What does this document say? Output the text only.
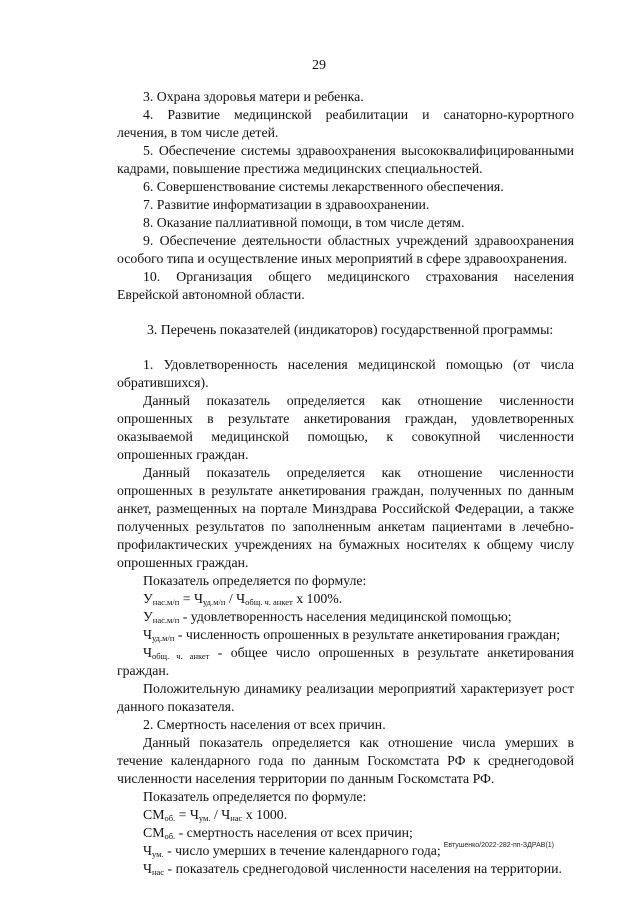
29

3. Охрана здоровья матери и ребенка.

4. Развитие медицинской реабилитации и санаторно-курортного лечения, в том числе детей.

5. Обеспечение системы здравоохранения высококвалифицированными кадрами, повышение престижа медицинских специальностей.

6. Совершенствование системы лекарственного обеспечения.

7. Развитие информатизации в здравоохранении.

8. Оказание паллиативной помощи, в том числе детям.

9. Обеспечение деятельности областных учреждений здравоохранения особого типа и осуществление иных мероприятий в сфере здравоохранения.

10. Организация общего медицинского страхования населения Еврейской автономной области.

3. Перечень показателей (индикаторов) государственной программы:

1. Удовлетворенность населения медицинской помощью (от числа обратившихся).

Данный показатель определяется как отношение численности опрошенных в результате анкетирования граждан, удовлетворенных оказываемой медицинской помощью, к совокупной численности опрошенных граждан.

Данный показатель определяется как отношение численности опрошенных в результате анкетирования граждан, полученных по данным анкет, размещенных на портале Минздрава Российской Федерации, а также полученных результатов по заполненным анкетам пациентами в лечебно-профилактических учреждениях на бумажных носителях к общему числу опрошенных граждан.

Показатель определяется по формуле:

$У_{нас.м/п} = Ч_{уд.м/п} / Ч_{общ. ч. анкет}$ х 100%.

$У_{нас.м/п}$ - удовлетворенность населения медицинской помощью;

$Ч_{уд.м/п}$ - численность опрошенных в результате анкетирования граждан;

$Ч_{общ. ч. анкет}$ - общее число опрошенных в результате анкетирования граждан.

Положительную динамику реализации мероприятий характеризует рост данного показателя.

2. Смертность населения от всех причин.

Данный показатель определяется как отношение числа умерших в течение календарного года по данным Госкомстата РФ к среднегодовой численности населения территории по данным Госкомстата РФ.

Показатель определяется по формуле:

$СМ_{об.} = Ч_{ум.} / Ч_{нас}$ х 1000.

$СМ_{об.}$ - смертность населения от всех причин;

$Ч_{ум.}$ - число умерших в течение календарного года;

$Ч_{нас}$ - показатель среднегодовой численности населения на территории.

Евтушенко/2022-282-пп-ЗДРАВ(1)
